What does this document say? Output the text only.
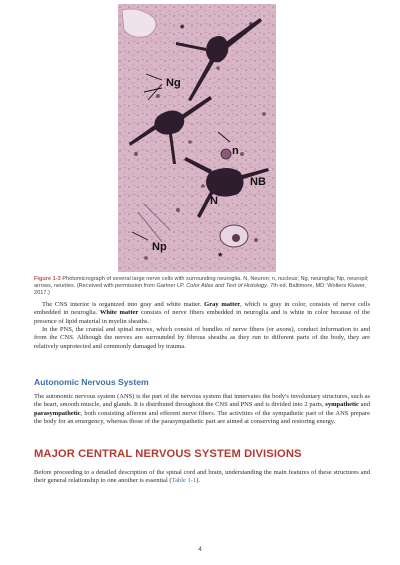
*
Ng
n
NB
N
Np
*
Figure 1-3 Photomicrograph of several large nerve cells with surrounding neuroglia. N, Neuron; n, nucleus; Ng, neuroglia; Np, neuropil; arrows, neurites. (Received with permission from Gartner LP. Color Atlas and Text of Histology. 7th ed. Baltimore, MD: Wolters Kluwer, 2017.)

The CNS interior is organized into gray and white matter. Gray matter, which is gray in color, consists of nerve cells embedded in neuroglia. White matter consists of nerve fibers embedded in neuroglia and is white in color because of the presence of lipid material in myelin sheaths.

In the PNS, the cranial and spinal nerves, which consist of bundles of nerve fibers (or axons), conduct information to and from the CNS. Although the nerves are surrounded by fibrous sheaths as they run to different parts of the body, they are relatively unprotected and commonly damaged by trauma.

Autonomic Nervous System

The autonomic nervous system (ANS) is the part of the nervous system that innervates the body's involuntary structures, such as the heart, smooth muscle, and glands. It is distributed throughout the CNS and PNS and is divided into 2 parts, sympathetic and parasympathetic, both consisting afferent and efferent nerve fibers. The activities of the sympathetic part of the ANS prepare the body for an emergency, whereas those of the parasympathetic part are aimed at conserving and restoring energy.

MAJOR CENTRAL NERVOUS SYSTEM DIVISIONS

Before proceeding to a detailed description of the spinal cord and brain, understanding the main features of these structures and their general relationship to one another is essential (Table 1-1).

4
